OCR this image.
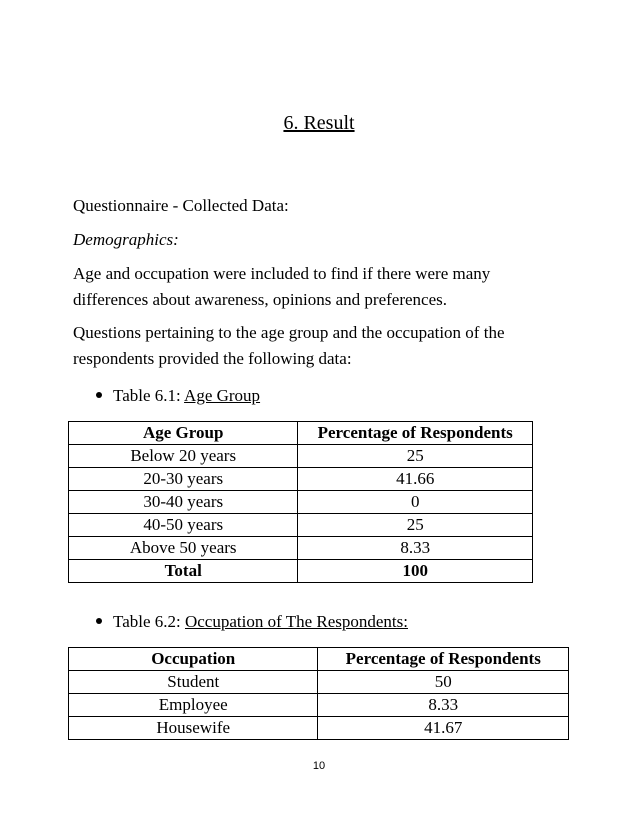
6. Result
Questionnaire - Collected Data:
Demographics:
Age and occupation were included to find if there were many
differences about awareness, opinions and preferences.
Questions pertaining to the age group and the occupation of the
respondents provided the following data:
Table 6.1: Age Group
Age Group	Percentage of Respondents
Below 20 years	25
20-30 years	41.66
30-40 years	0
40-50 years	25
Above 50 years	8.33
Total	100
Table 6.2: Occupation of The Respondents:
Occupation	Percentage of Respondents
Student	50
Employee	8.33
Housewife	41.67
10
